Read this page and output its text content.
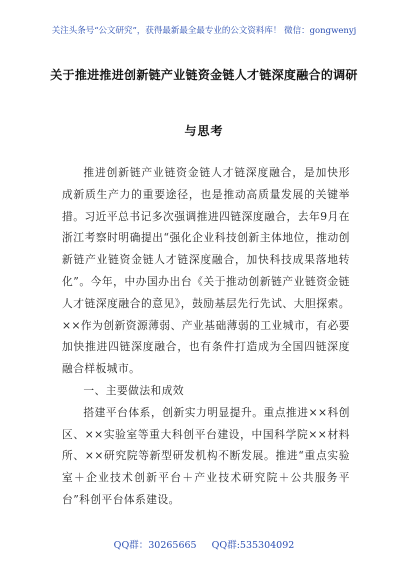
关注头条号“公文研究”，获得最新最全最专业的公文资料库！ 微信：gongwenyj
关于推进推进创新链产业链资金链人才链深度融合的调研
与思考

推进创新链产业链资金链人才链深度融合，是加快形成新质生产力的重要途径，也是推动高质量发展的关键举措。习近平总书记多次强调推进四链深度融合，去年9月在浙江考察时明确提出“强化企业科技创新主体地位，推动创新链产业链资金链人才链深度融合，加快科技成果落地转化”。今年，中办国办出台《关于推动创新链产业链资金链人才链深度融合的意见》，鼓励基层先行先试、大胆探索。××作为创新资源薄弱、产业基础薄弱的工业城市，有必要加快推进四链深度融合，也有条件打造成为全国四链深度融合样板城市。

一、主要做法和成效

搭建平台体系，创新实力明显提升。重点推进××科创区、××实验室等重大科创平台建设，中国科学院××材料所、××研究院等新型研发机构不断发展。推进“重点实验室＋企业技术创新平台＋产业技术研究院＋公共服务平台”科创平台体系建设。

QQ群：30265665 QQ群:535304092
